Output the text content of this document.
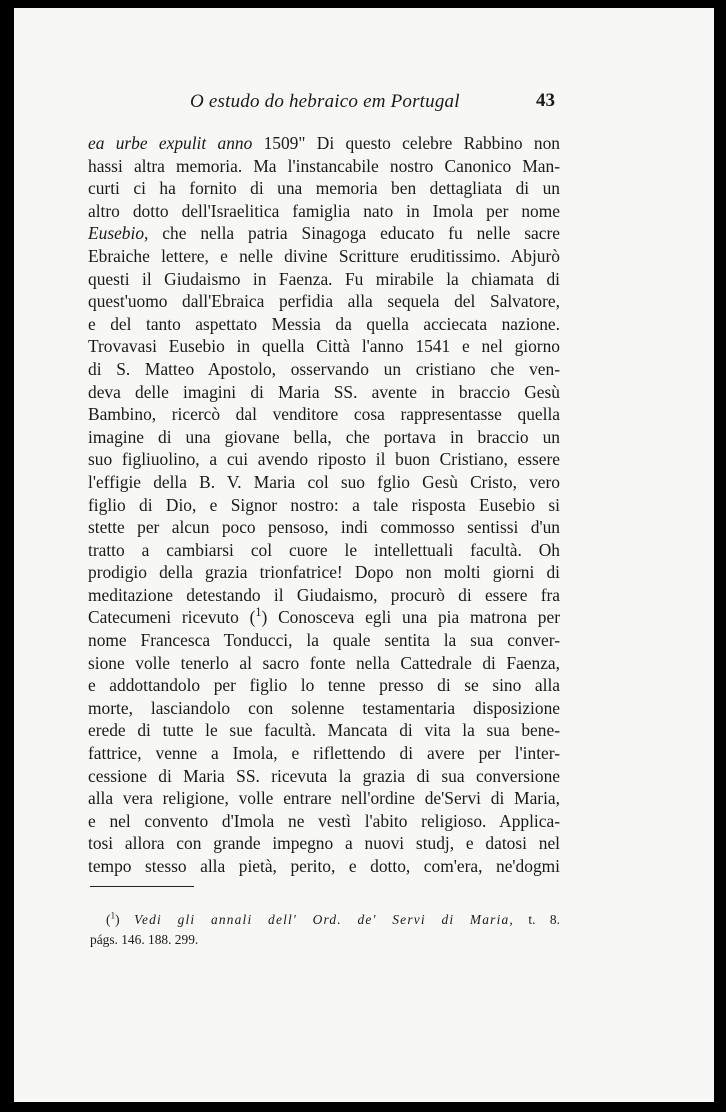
O estudo do hebraico em Portugal	43
ea urbe expulit anno 1509" Di questo celebre Rabbino non
hassi altra memoria. Ma l'instancabile nostro Canonico Man-
curti ci ha fornito di una memoria ben dettagliata di un
altro dotto dell'Israelitica famiglia nato in Imola per nome
Eusebio, che nella patria Sinagoga educato fu nelle sacre
Ebraiche lettere, e nelle divine Scritture eruditissimo. Abjurò
questi il Giudaismo in Faenza. Fu mirabile la chiamata di
quest'uomo dall'Ebraica perfidia alla sequela del Salvatore,
e del tanto aspettato Messia da quella acciecata nazione.
Trovavasi Eusebio in quella Città l'anno 1541 e nel giorno
di S. Matteo Apostolo, osservando un cristiano che ven-
deva delle imagini di Maria SS. avente in braccio Gesù
Bambino, ricercò dal venditore cosa rappresentasse quella
imagine di una giovane bella, che portava in braccio un
suo figliuolino, a cui avendo riposto il buon Cristiano, essere
l'effigie della B. V. Maria col suo fglio Gesù Cristo, vero
figlio di Dio, e Signor nostro: a tale risposta Eusebio si
stette per alcun poco pensoso, indi commosso sentissi d'un
tratto a cambiarsi col cuore le intellettuali facultà. Oh
prodigio della grazia trionfatrice! Dopo non molti giorni di
meditazione detestando il Giudaismo, procurò di essere fra
Catecumeni ricevuto ($^1$) Conosceva egli una pia matrona per
nome Francesca Tonducci, la quale sentita la sua conver-
sione volle tenerlo al sacro fonte nella Cattedrale di Faenza,
e addottandolo per figlio lo tenne presso di se sino alla
morte, lasciandolo con solenne testamentaria disposizione
erede di tutte le sue facultà. Mancata di vita la sua bene-
fattrice, venne a Imola, e riflettendo di avere per l'inter-
cessione di Maria SS. ricevuta la grazia di sua conversione
alla vera religione, volle entrare nell'ordine de'Servi di Maria,
e nel convento d'Imola ne vestì l'abito religioso. Applica-
tosi allora con grande impegno a nuovi studj, e datosi nel
tempo stesso alla pietà, perito, e dotto, com'era, ne'dogmi
($^1$) Vedi gli annali dell' Ord. de' Servi di Maria, t. 8.
págs. 146. 188. 299.
